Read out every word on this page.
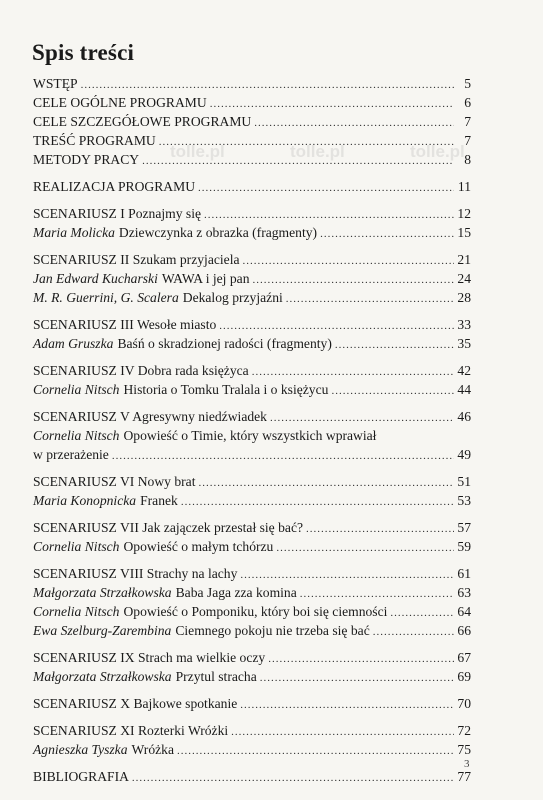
Spis treści
tolle.pl	tolle.pl	tolle.pl
WSTĘP .....	5
CELE OGÓLNE PROGRAMU .....	6
CELE SZCZEGÓŁOWE PROGRAMU .....	7
TREŚĆ PROGRAMU .....	7
METODY PRACY .....	8
REALIZACJA PROGRAMU .....	11
SCENARIUSZ I Poznajmy się .....	12
Maria Molicka Dziewczynka z obrazka (fragmenty) .....	15
SCENARIUSZ II Szukam przyjaciela .....	21
Jan Edward Kucharski WAWA i jej pan .....	24
M. R. Guerrini, G. Scalera Dekalog przyjaźni .....	28
SCENARIUSZ III Wesołe miasto .....	33
Adam Gruszka Baśń o skradzionej radości (fragmenty) .....	35
SCENARIUSZ IV Dobra rada księżyca .....	42
Cornelia Nitsch Historia o Tomku Tralala i o księżycu .....	44
SCENARIUSZ V Agresywny niedźwiadek .....	46
Cornelia Nitsch Opowieść o Timie, który wszystkich wprawiał
w przerażenie .....	49
SCENARIUSZ VI Nowy brat .....	51
Maria Konopnicka Franek .....	53
SCENARIUSZ VII Jak zajączek przestał się bać? .....	57
Cornelia Nitsch Opowieść o małym tchórzu .....	59
SCENARIUSZ VIII Strachy na lachy .....	61
Małgorzata Strzałkowska Baba Jaga zza komina .....	63
Cornelia Nitsch Opowieść o Pomponiku, który boi się ciemności .....	64
Ewa Szelburg-Zarembina Ciemnego pokoju nie trzeba się bać .....	66
SCENARIUSZ IX Strach ma wielkie oczy .....	67
Małgorzata Strzałkowska Przytul stracha .....	69
SCENARIUSZ X Bajkowe spotkanie .....	70
SCENARIUSZ XI Rozterki Wróżki .....	72
Agnieszka Tyszka Wróżka .....	75
BIBLIOGRAFIA .....	77
3
